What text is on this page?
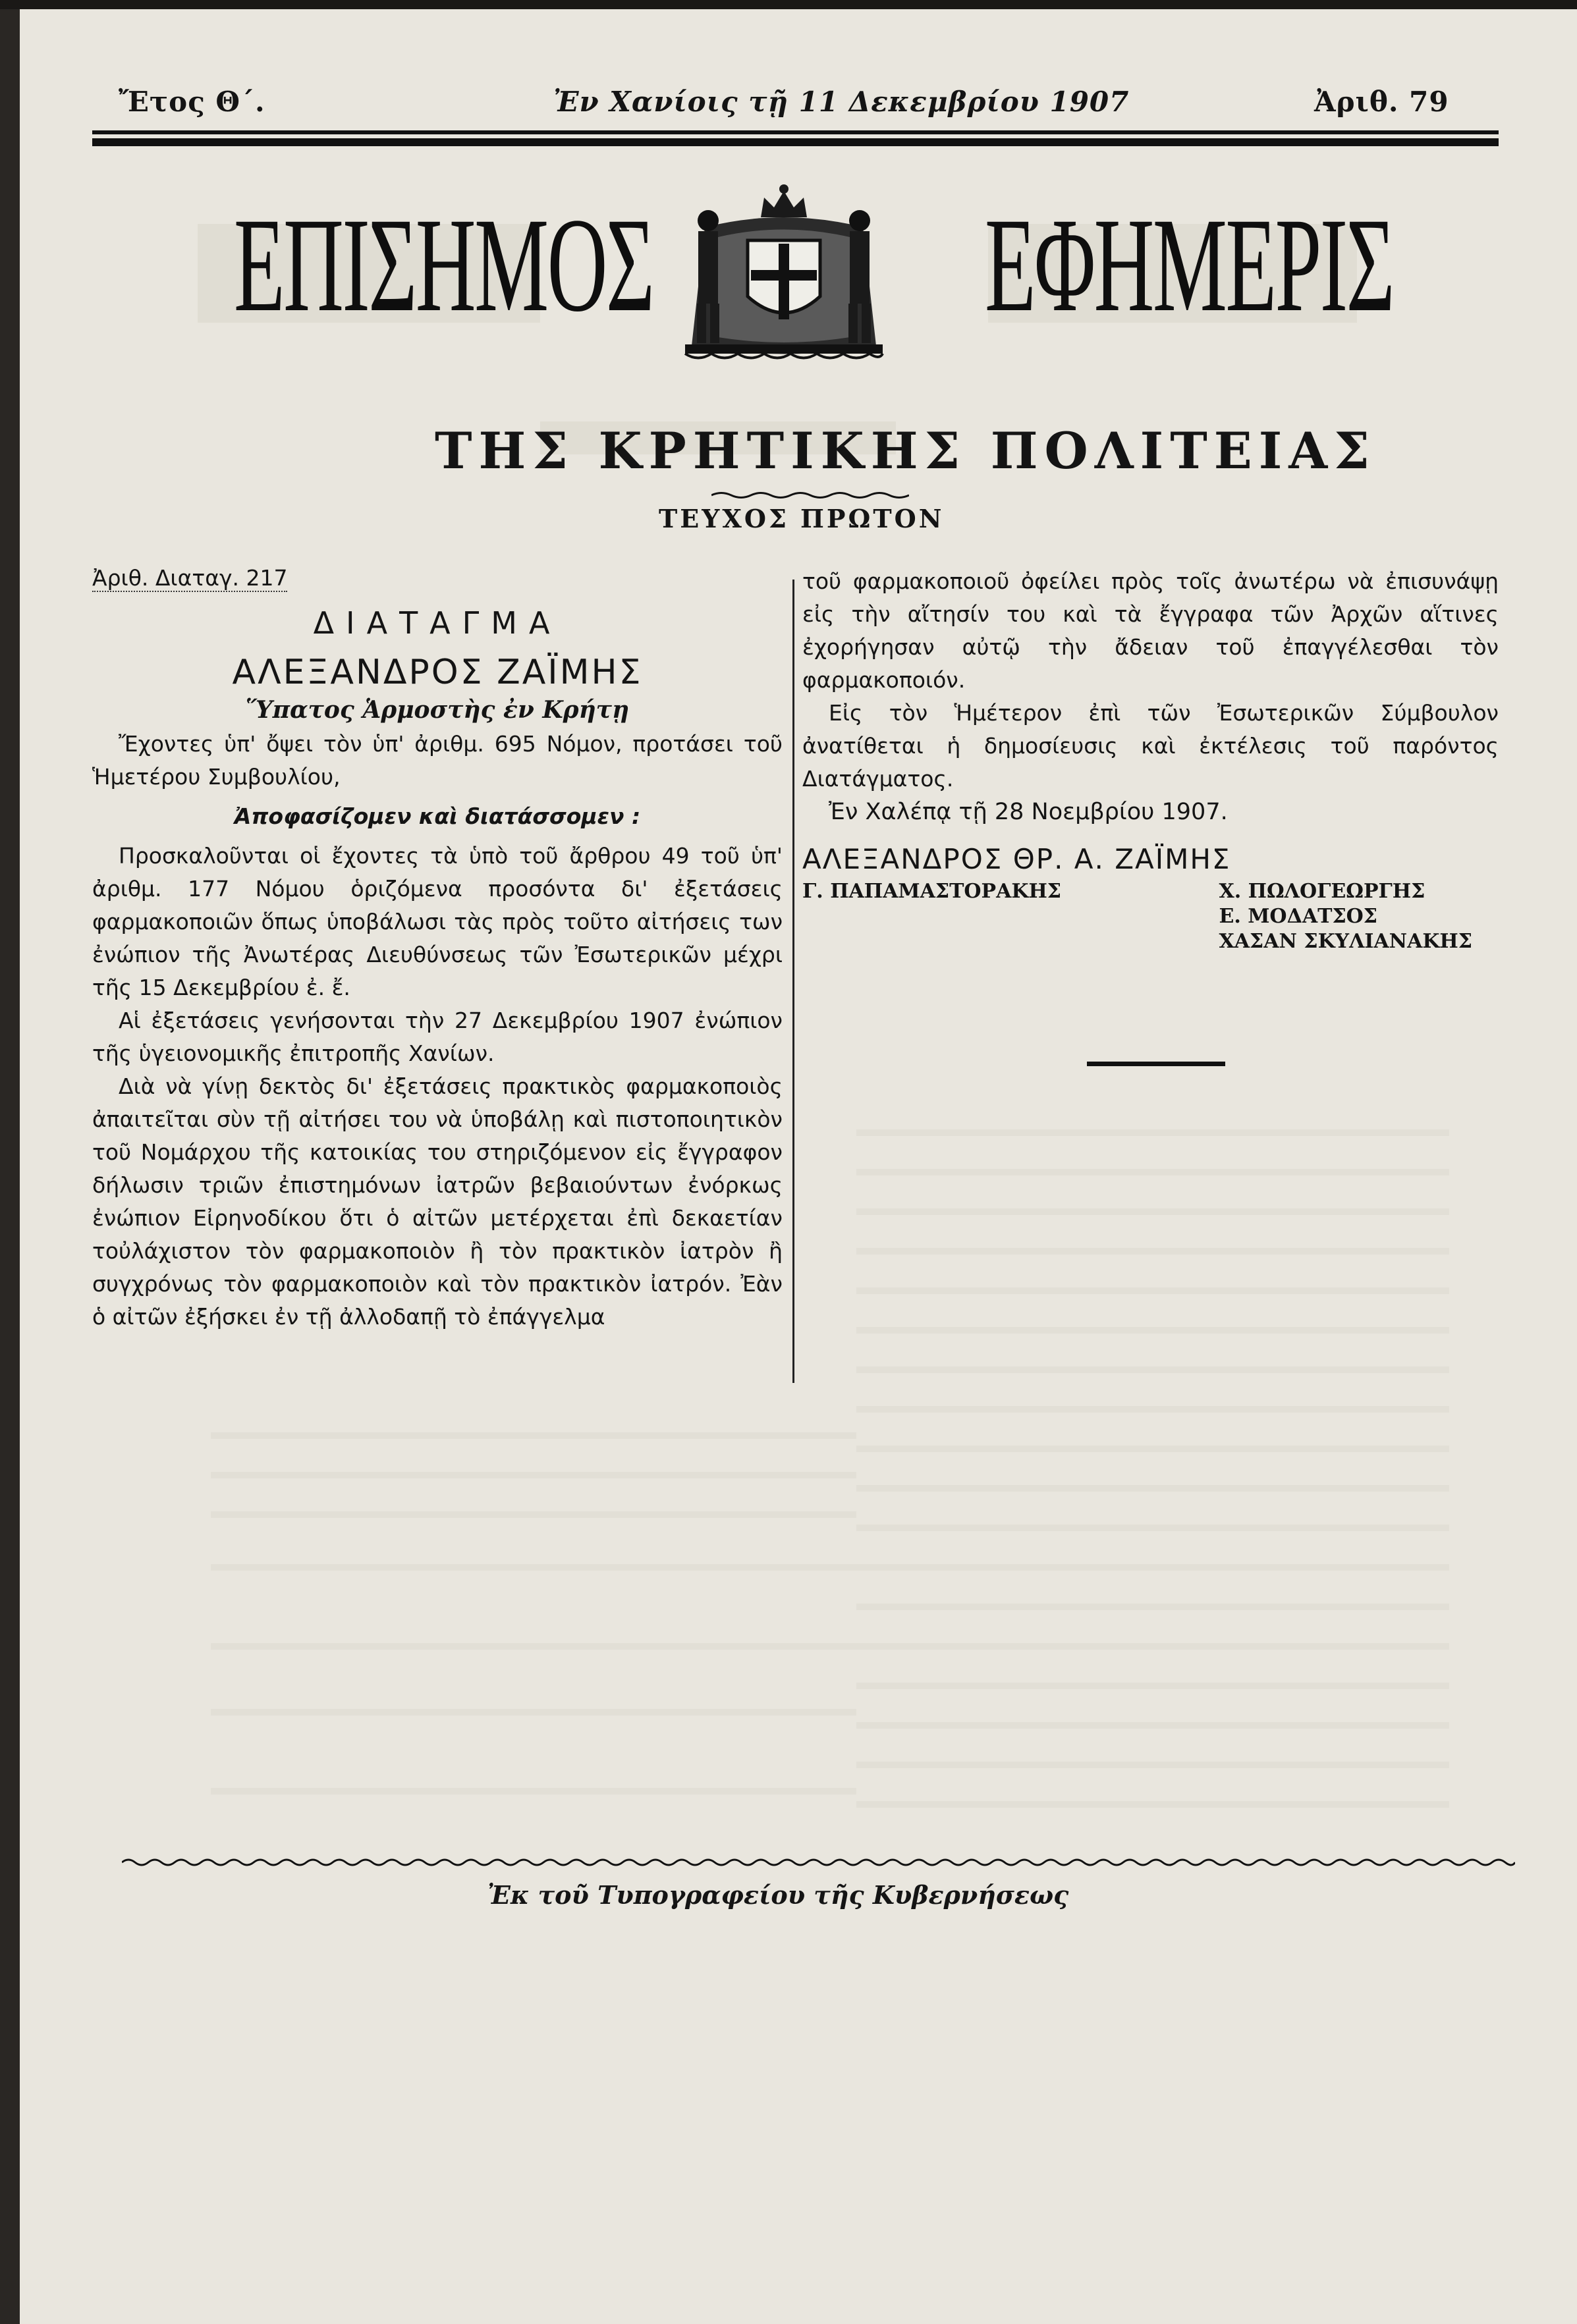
Ἔτος Θ΄.	Ἐν Χανίοις τῇ 11 Δεκεμβρίου 1907	Ἀριθ. 79
ΕΠΙΣΗΜΟΣ ΕΦΗΜΕΡΙΣ
ΤΗΣ ΚΡΗΤΙΚΗΣ ΠΟΛΙΤΕΙΑΣ
ΤΕΥΧΟΣ ΠΡΩΤΟΝ

Ἀριθ. Διαταγ. 217

ΔΙΑΤΑΓΜΑ
ΑΛΕΞΑΝΔΡΟΣ ΖΑΪΜΗΣ
Ὕπατος Ἁρμοστὴς ἐν Κρήτῃ

Ἔχοντες ὑπ' ὄψει τὸν ὑπ' ἀριθμ. 695 Νόμον, προτάσει τοῦ Ἡμετέρου Συμβουλίου,

Ἀποφασίζομεν καὶ διατάσσομεν :

Προσκαλοῦνται οἱ ἔχοντες τὰ ὑπὸ τοῦ ἄρθρου 49 τοῦ ὑπ' ἀριθμ. 177 Νόμου ὁριζόμενα προσόντα δι' ἐξετάσεις φαρμακοποιῶν ὅπως ὑποβάλωσι τὰς πρὸς τοῦτο αἰτήσεις των ἐνώπιον τῆς Ἀνωτέρας Διευθύνσεως τῶν Ἐσωτερικῶν μέχρι τῆς 15 Δεκεμβρίου ἐ. ἔ.

Αἱ ἐξετάσεις γενήσονται τὴν 27 Δεκεμβρίου 1907 ἐνώπιον τῆς ὑγειονομικῆς ἐπιτροπῆς Χανίων.

Διὰ νὰ γίνῃ δεκτὸς δι' ἐξετάσεις πρακτικὸς φαρμακοποιὸς ἀπαιτεῖται σὺν τῇ αἰτήσει του νὰ ὑποβάλῃ καὶ πιστοποιητικὸν τοῦ Νομάρχου τῆς κατοικίας του στηριζόμενον εἰς ἔγγραφον δήλωσιν τριῶν ἐπιστημόνων ἰατρῶν βεβαιούντων ἐνόρκως ἐνώπιον Εἰρηνοδίκου ὅτι ὁ αἰτῶν μετέρχεται ἐπὶ δεκαετίαν τοὐλάχιστον τὸν φαρμακοποιὸν ἢ τὸν πρακτικὸν ἰατρὸν ἢ συγχρόνως τὸν φαρμακοποιὸν καὶ τὸν πρακτικὸν ἰατρόν. Ἐὰν ὁ αἰτῶν ἐξήσκει ἐν τῇ ἀλλοδαπῇ τὸ ἐπάγγελμα

τοῦ φαρμακοποιοῦ ὀφείλει πρὸς τοῖς ἀνωτέρω νὰ ἐπισυνάψῃ εἰς τὴν αἴτησίν του καὶ τὰ ἔγγραφα τῶν Ἀρχῶν αἵτινες ἐχορήγησαν αὐτῷ τὴν ἄδειαν τοῦ ἐπαγγέλεσθαι τὸν φαρμακοποιόν.

Εἰς τὸν Ἡμέτερον ἐπὶ τῶν Ἐσωτερικῶν Σύμβουλον ἀνατίθεται ἡ δημοσίευσις καὶ ἐκτέλεσις τοῦ παρόντος Διατάγματος.

Ἐν Χαλέπᾳ τῇ 28 Νοεμβρίου 1907.

ΑΛΕΞΑΝΔΡΟΣ ΘΡ. Α. ΖΑΪΜΗΣ
Γ. ΠΑΠΑΜΑΣΤΟΡΑΚΗΣ	Χ. ΠΩΛΟΓΕΩΡΓΗΣ
Ε. ΜΟΔΑΤΣΟΣ
ΧΑΣΑΝ ΣΚΥΛΙΑΝΑΚΗΣ
Ἐκ τοῦ Τυπογραφείου τῆς Κυβερνήσεως
